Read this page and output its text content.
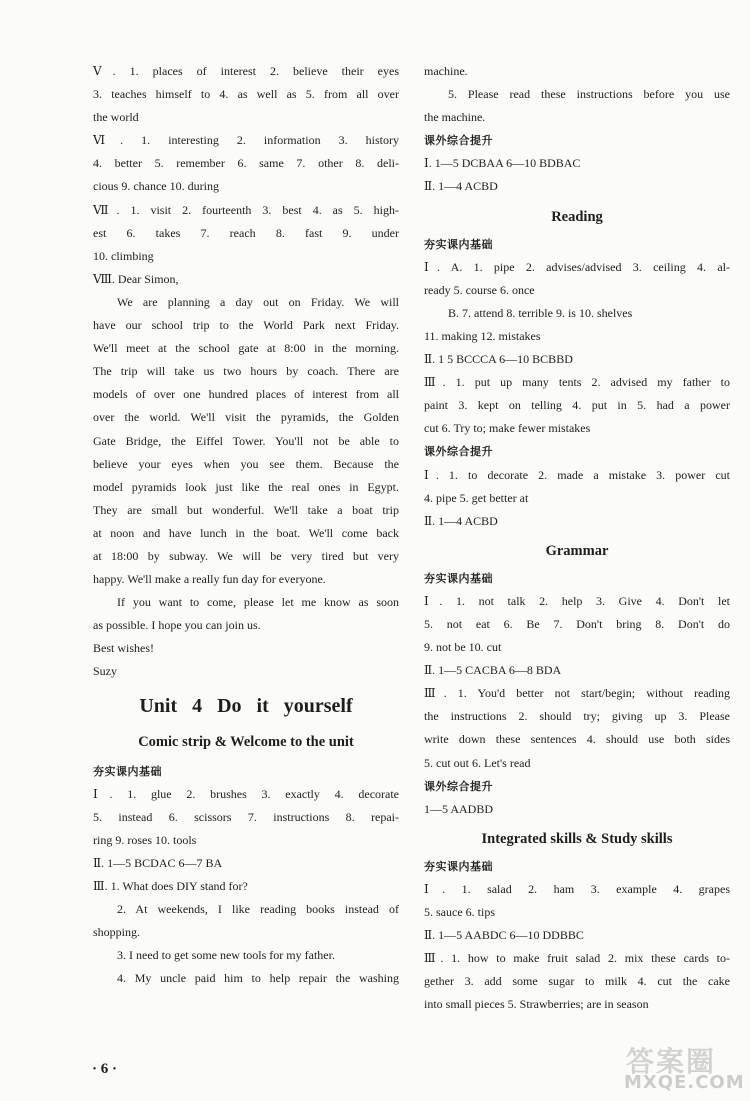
Ⅴ. 1. places of interest 2. believe their eyes

3. teaches himself to 4. as well as 5. from all over

the world

Ⅵ. 1. interesting 2. information 3. history

4. better 5. remember 6. same 7. other 8. deli-

cious 9. chance 10. during

Ⅶ. 1. visit 2. fourteenth 3. best 4. as 5. high-

est 6. takes 7. reach 8. fast 9. under

10. climbing

Ⅷ. Dear Simon,

We are planning a day out on Friday. We will

have our school trip to the World Park next Friday.

We'll meet at the school gate at 8:00 in the morning.

The trip will take us two hours by coach. There are

models of over one hundred places of interest from all

over the world. We'll visit the pyramids, the Golden

Gate Bridge, the Eiffel Tower. You'll not be able to

believe your eyes when you see them. Because the

model pyramids look just like the real ones in Egypt.

They are small but wonderful. We'll take a boat trip

at noon and have lunch in the boat. We'll come back

at 18:00 by subway. We will be very tired but very

happy. We'll make a really fun day for everyone.

If you want to come, please let me know as soon

as possible. I hope you can join us.

Best wishes!

Suzy

Unit 4 Do it yourself
Comic strip & Welcome to the unit

夯实课内基础

Ⅰ. 1. glue 2. brushes 3. exactly 4. decorate

5. instead 6. scissors 7. instructions 8. repai-

ring 9. roses 10. tools

Ⅱ. 1—5 BCDAC 6—7 BA

Ⅲ. 1. What does DIY stand for?

2. At weekends, I like reading books instead of

shopping.

3. I need to get some new tools for my father.

4. My uncle paid him to help repair the washing

machine.

5. Please read these instructions before you use

the machine.

课外综合提升

Ⅰ. 1—5 DCBAA 6—10 BDBAC

Ⅱ. 1—4 ACBD

Reading

夯实课内基础

Ⅰ. A. 1. pipe 2. advises/advised 3. ceiling 4. al-

ready 5. course 6. once

B. 7. attend 8. terrible 9. is 10. shelves

11. making 12. mistakes

Ⅱ. 1 5 BCCCA 6—10 BCBBD

Ⅲ. 1. put up many tents 2. advised my father to

paint 3. kept on telling 4. put in 5. had a power

cut 6. Try to; make fewer mistakes

课外综合提升

Ⅰ. 1. to decorate 2. made a mistake 3. power cut

4. pipe 5. get better at

Ⅱ. 1—4 ACBD

Grammar

夯实课内基础

Ⅰ. 1. not talk 2. help 3. Give 4. Don't let

5. not eat 6. Be 7. Don't bring 8. Don't do

9. not be 10. cut

Ⅱ. 1—5 CACBA 6—8 BDA

Ⅲ. 1. You'd better not start/begin; without reading

the instructions 2. should try; giving up 3. Please

write down these sentences 4. should use both sides

5. cut out 6. Let's read

课外综合提升

1—5 AADBD

Integrated skills & Study skills

夯实课内基础

Ⅰ. 1. salad 2. ham 3. example 4. grapes

5. sauce 6. tips

Ⅱ. 1—5 AABDC 6—10 DDBBC

Ⅲ. 1. how to make fruit salad 2. mix these cards to-

gether 3. add some sugar to milk 4. cut the cake

into small pieces 5. Strawberries; are in season

· 6 ·	答案圈
MXQE.COM
